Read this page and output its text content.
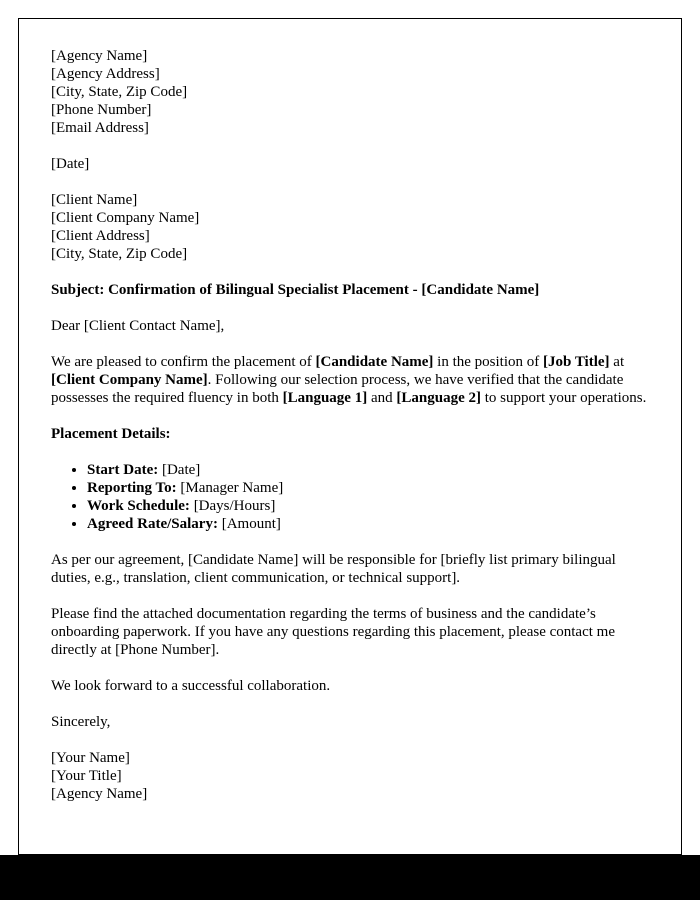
[Agency Name]
[Agency Address]
[City, State, Zip Code]
[Phone Number]
[Email Address]
[Date]
[Client Name]
[Client Company Name]
[Client Address]
[City, State, Zip Code]

Subject: Confirmation of Bilingual Specialist Placement - [Candidate Name]

Dear [Client Contact Name],

We are pleased to confirm the placement of [Candidate Name] in the position of [Job Title] at [Client Company Name]. Following our selection process, we have verified that the candidate possesses the required fluency in both [Language 1] and [Language 2] to support your operations.

Placement Details:

• Start Date: [Date]
• Reporting To: [Manager Name]
• Work Schedule: [Days/Hours]
• Agreed Rate/Salary: [Amount]

As per our agreement, [Candidate Name] will be responsible for [briefly list primary bilingual duties, e.g., translation, client communication, or technical support].

Please find the attached documentation regarding the terms of business and the candidate’s onboarding paperwork. If you have any questions regarding this placement, please contact me directly at [Phone Number].

We look forward to a successful collaboration.

Sincerely,

[Your Name]
[Your Title]
[Agency Name]
